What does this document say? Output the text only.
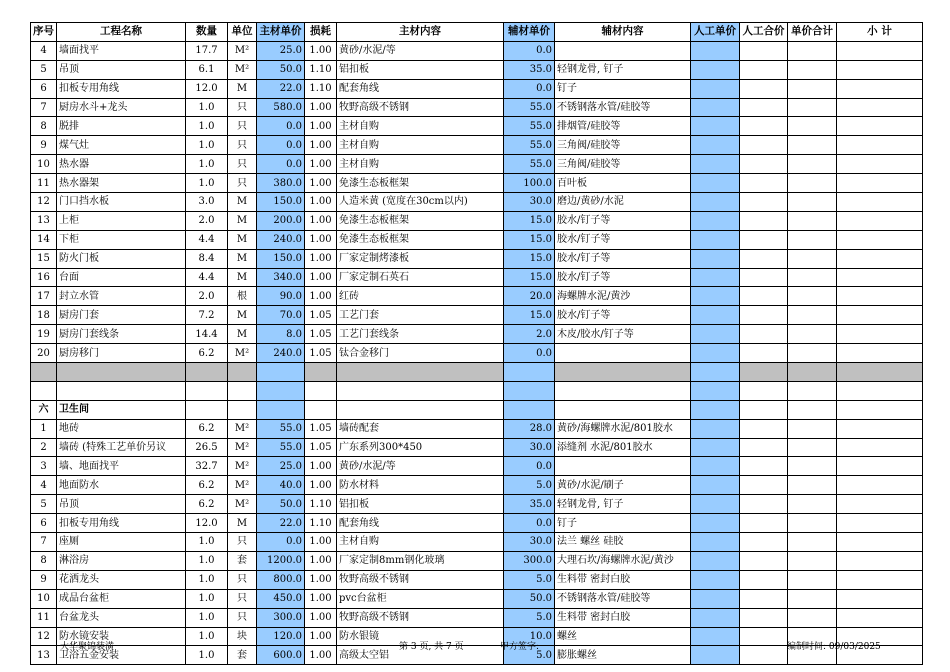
序号	工程名称	数量	单位	主材单价	损耗	主材内容	辅材单价	辅材内容	人工单价	人工合价	单价合计	小 计
4	墙面找平	17.7	M²	25.0	1.00	黄砂/水泥/等	0.0					
5	吊顶	6.1	M²	50.0	1.10	铝扣板	35.0	轻钢龙骨, 钉子				
6	扣板专用角线	12.0	M	22.0	1.10	配套角线	0.0	钉子				
7	厨房水斗+龙头	1.0	只	580.0	1.00	牧野高级不锈钢	55.0	不锈钢落水管/硅胶等				
8	脱排	1.0	只	0.0	1.00	主材自购	55.0	排烟管/硅胶等				
9	煤气灶	1.0	只	0.0	1.00	主材自购	55.0	三角阀/硅胶等				
10	热水器	1.0	只	0.0	1.00	主材自购	55.0	三角阀/硅胶等				
11	热水器架	1.0	只	380.0	1.00	免漆生态板框架	100.0	百叶板				
12	门口挡水板	3.0	M	150.0	1.00	人造米黄 (宽度在30cm以内)	30.0	磨边/黄砂/水泥				
13	上柜	2.0	M	200.0	1.00	免漆生态板框架	15.0	胶水/钉子等				
14	下柜	4.4	M	240.0	1.00	免漆生态板框架	15.0	胶水/钉子等				
15	防火门板	8.4	M	150.0	1.00	厂家定制烤漆板	15.0	胶水/钉子等				
16	台面	4.4	M	340.0	1.00	厂家定制石英石	15.0	胶水/钉子等				
17	封立水管	2.0	根	90.0	1.00	红砖	20.0	海螺牌水泥/黄沙				
18	厨房门套	7.2	M	70.0	1.05	工艺门套	15.0	胶水/钉子等				
19	厨房门套线条	14.4	M	8.0	1.05	工艺门套线条	2.0	木皮/胶水/钉子等				
20	厨房移门	6.2	M²	240.0	1.05	钛合金移门	0.0					

六	卫生间											
1	地砖	6.2	M²	55.0	1.05	墙砖配套	28.0	黄砂/海螺牌水泥/801胶水				
2	墙砖 (特殊工艺单价另议	26.5	M²	55.0	1.05	广东系列300*450	30.0	添缝剂 水泥/801胶水				
3	墙、地面找平	32.7	M²	25.0	1.00	黄砂/水泥/等	0.0					
4	地面防水	6.2	M²	40.0	1.00	防水材料	5.0	黄砂/水泥/刷子				
5	吊顶	6.2	M²	50.0	1.10	铝扣板	35.0	轻钢龙骨, 钉子				
6	扣板专用角线	12.0	M	22.0	1.10	配套角线	0.0	钉子				
7	座厕	1.0	只	0.0	1.00	主材自购	30.0	法兰 螺丝 硅胶				
8	淋浴房	1.0	套	1200.0	1.00	厂家定制8mm钢化玻璃	300.0	大理石坎/海螺牌水泥/黄沙				
9	花洒龙头	1.0	只	800.0	1.00	牧野高级不锈钢	5.0	生料带 密封白胶				
10	成品台盆柜	1.0	只	450.0	1.00	pvc台盆柜	50.0	不锈钢落水管/硅胶等				
11	台盆龙头	1.0	只	300.0	1.00	牧野高级不锈钢	5.0	生料带 密封白胶				
12	防水镜安装	1.0	块	120.0	1.00	防水银镜	10.0	螺丝				
13	卫浴五金安装	1.0	套	600.0	1.00	高级太空铝	5.0	膨胀螺丝				
大华聚锦装潢	第 3 页, 共 7 页	甲方签字:	编制时间: 09/03/2025
